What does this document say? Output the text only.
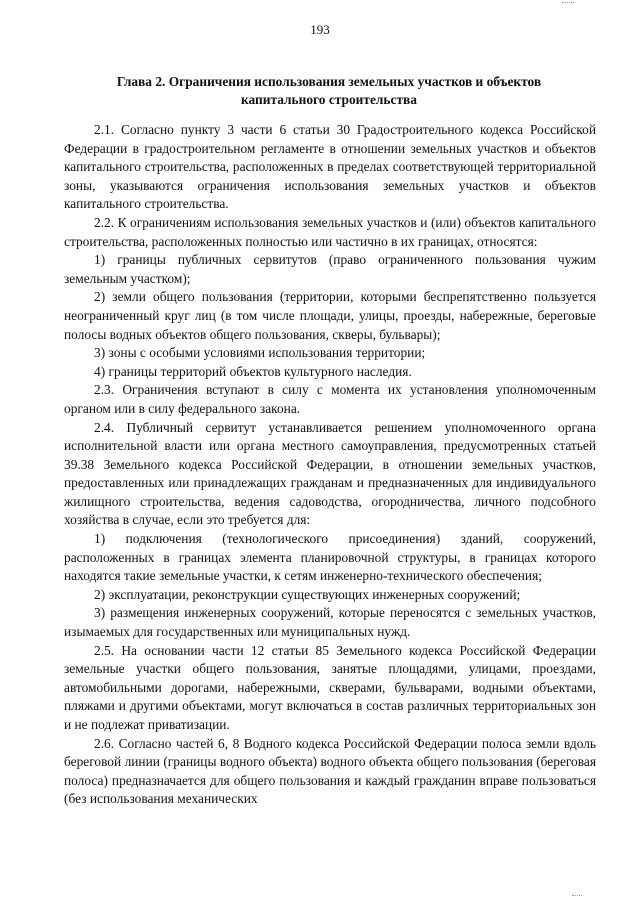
193
Глава 2. Ограничения использования земельных участков и объектов
капитального строительства

2.1. Согласно пункту 3 части 6 статьи 30 Градостроительного кодекса Российской Федерации в градостроительном регламенте в отношении земельных участков и объектов капитального строительства, расположенных в пределах соответствующей территориальной зоны, указываются ограничения использования земельных участков и объектов капитального строительства.

2.2. К ограничениям использования земельных участков и (или) объектов капитального строительства, расположенных полностью или частично в их границах, относятся:

1) границы публичных сервитутов (право ограниченного пользования чужим земельным участком);

2) земли общего пользования (территории, которыми беспрепятственно пользуется неограниченный круг лиц (в том числе площади, улицы, проезды, набережные, береговые полосы водных объектов общего пользования, скверы, бульвары);

3) зоны с особыми условиями использования территории;

4) границы территорий объектов культурного наследия.

2.3. Ограничения вступают в силу с момента их установления уполномоченным органом или в силу федерального закона.

2.4. Публичный сервитут устанавливается решением уполномоченного органа исполнительной власти или органа местного самоуправления, предусмотренных статьей 39.38 Земельного кодекса Российской Федерации, в отношении земельных участков, предоставленных или принадлежащих гражданам и предназначенных для индивидуального жилищного строительства, ведения садоводства, огородничества, личного подсобного хозяйства в случае, если это требуется для:

1) подключения (технологического присоединения) зданий, сооружений, расположенных в границах элемента планировочной структуры, в границах которого находятся такие земельные участки, к сетям инженерно-технического обеспечения;

2) эксплуатации, реконструкции существующих инженерных сооружений;

3) размещения инженерных сооружений, которые переносятся с земельных участков, изымаемых для государственных или муниципальных нужд.

2.5. На основании части 12 статьи 85 Земельного кодекса Российской Федерации земельные участки общего пользования, занятые площадями, улицами, проездами, автомобильными дорогами, набережными, скверами, бульварами, водными объектами, пляжами и другими объектами, могут включаться в состав различных территориальных зон и не подлежат приватизации.

2.6. Согласно частей 6, 8 Водного кодекса Российской Федерации полоса земли вдоль береговой линии (границы водного объекта) водного объекта общего пользования (береговая полоса) предназначается для общего пользования и каждый гражданин вправе пользоваться (без использования механических
